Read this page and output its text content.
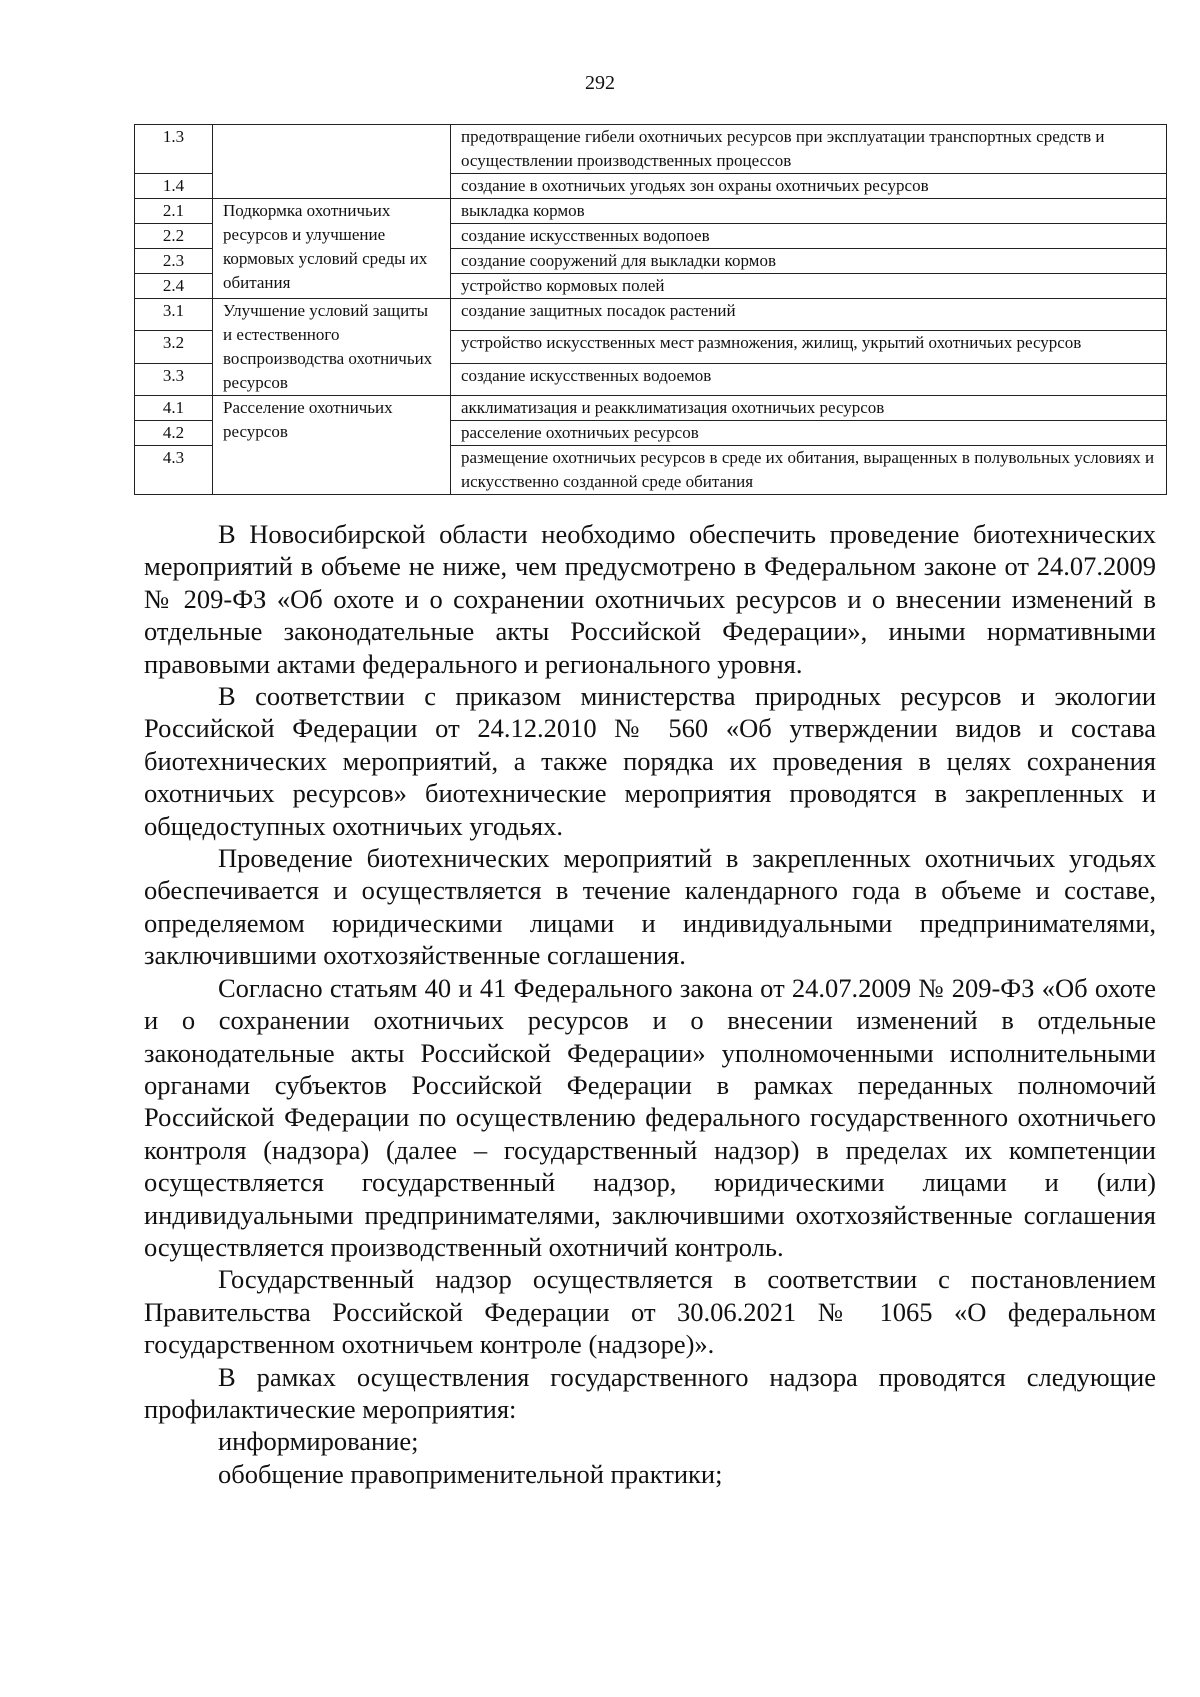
292
1.3		предотвращение гибели охотничьих ресурсов при эксплуатации транспортных средств и осуществлении производственных процессов
1.4		создание в охотничьих угодьях зон охраны охотничьих ресурсов
2.1	Подкормка охотничьих ресурсов и улучшение кормовых условий среды их обитания	выкладка кормов
2.2		создание искусственных водопоев
2.3		создание сооружений для выкладки кормов
2.4		устройство кормовых полей
3.1	Улучшение условий защиты и естественного воспроизводства охотничьих ресурсов	создание защитных посадок растений
3.2		устройство искусственных мест размножения, жилищ, укрытий охотничьих ресурсов
3.3		создание искусственных водоемов
4.1	Расселение охотничьих ресурсов	акклиматизация и реакклиматизация охотничьих ресурсов
4.2		расселение охотничьих ресурсов
4.3		размещение охотничьих ресурсов в среде их обитания, выращенных в полувольных условиях и искусственно созданной среде обитания

В Новосибирской области необходимо обеспечить проведение биотехнических мероприятий в объеме не ниже, чем предусмотрено в Федеральном законе от 24.07.2009 № 209-ФЗ «Об охоте и о сохранении охотничьих ресурсов и о внесении изменений в отдельные законодательные акты Российской Федерации», иными нормативными правовыми актами федерального и регионального уровня.

В соответствии с приказом министерства природных ресурсов и экологии Российской Федерации от 24.12.2010 № 560 «Об утверждении видов и состава биотехнических мероприятий, а также порядка их проведения в целях сохранения охотничьих ресурсов» биотехнические мероприятия проводятся в закрепленных и общедоступных охотничьих угодьях.

Проведение биотехнических мероприятий в закрепленных охотничьих угодьях обеспечивается и осуществляется в течение календарного года в объеме и составе, определяемом юридическими лицами и индивидуальными предпринимателями, заключившими охотхозяйственные соглашения.

Согласно статьям 40 и 41 Федерального закона от 24.07.2009 № 209-ФЗ «Об охоте и о сохранении охотничьих ресурсов и о внесении изменений в отдельные законодательные акты Российской Федерации» уполномоченными исполнительными органами субъектов Российской Федерации в рамках переданных полномочий Российской Федерации по осуществлению федерального государственного охотничьего контроля (надзора) (далее – государственный надзор) в пределах их компетенции осуществляется государственный надзор, юридическими лицами и (или) индивидуальными предпринимателями, заключившими охотхозяйственные соглашения осуществляется производственный охотничий контроль.

Государственный надзор осуществляется в соответствии с постановлением Правительства Российской Федерации от 30.06.2021 № 1065 «О федеральном государственном охотничьем контроле (надзоре)».

В рамках осуществления государственного надзора проводятся следующие профилактические мероприятия:

информирование;

обобщение правоприменительной практики;
